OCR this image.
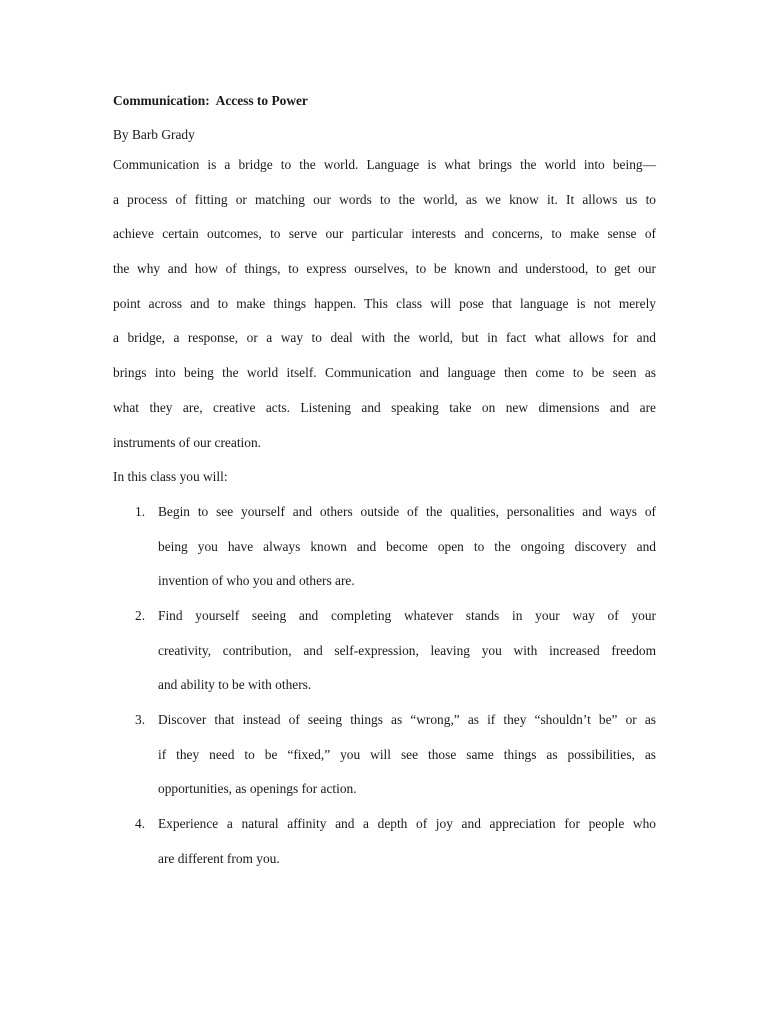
Communication:  Access to Power

By Barb Grady

Communication is a bridge to the world. Language is what brings the world into being—
a process of fitting or matching our words to the world, as we know it. It allows us to
achieve certain outcomes, to serve our particular interests and concerns, to make sense of
the why and how of things, to express ourselves, to be known and understood, to get our
point across and to make things happen. This class will pose that language is not merely
a bridge, a response, or a way to deal with the world, but in fact what allows for and
brings into being the world itself. Communication and language then come to be seen as
what they are, creative acts. Listening and speaking take on new dimensions and are
instruments of our creation.

In this class you will:

1. Begin to see yourself and others outside of the qualities, personalities and ways of
being you have always known and become open to the ongoing discovery and
invention of who you and others are.
2. Find yourself seeing and completing whatever stands in your way of your
creativity, contribution, and self-expression, leaving you with increased freedom
and ability to be with others.
3. Discover that instead of seeing things as “wrong,” as if they “shouldn’t be” or as
if they need to be “fixed,” you will see those same things as possibilities, as
opportunities, as openings for action.
4. Experience a natural affinity and a depth of joy and appreciation for people who
are different from you.
